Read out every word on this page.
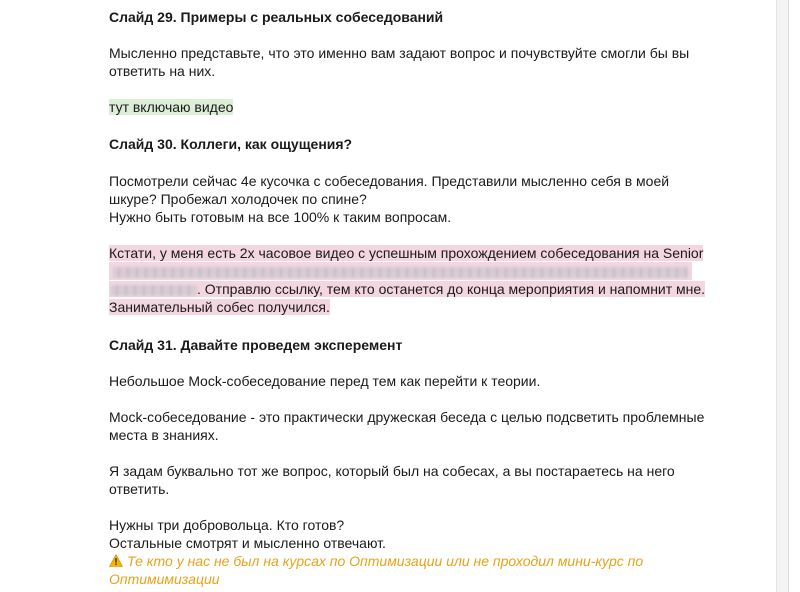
Слайд 29. Примеры с реальных собеседований
Мысленно представьте, что это именно вам задают вопрос и почувствуйте смогли бы вы
ответить на них.
тут включаю видео
Слайд 30. Коллеги, как ощущения?
Посмотрели сейчас 4е кусочка с собеседования. Представили мысленно себя в моей
шкуре? Пробежал холодочек по спине?
Нужно быть готовым на все 100% к таким вопросам.
Кстати, у меня есть 2х часовое видео с успешным прохождением собеседования на Senior
. Отправлю ссылку, тем кто останется до конца мероприятия и напомнит мне.
Занимательный собес получился.
Слайд 31. Давайте проведем эксперемент
Небольшое Mock-собеседование перед тем как перейти к теории.
Mock-собеседование - это практически дружеская беседа с целью подсветить проблемные
места в знаниях.
Я задам буквально тот же вопрос, который был на собесах, а вы постараетесь на него
ответить.
Нужны три добровольца. Кто готов?
Остальные смотрят и мысленно отвечают.
Те кто у нас не был на курсах по Оптимизации или не проходил мини-курс по
Оптимимизации
